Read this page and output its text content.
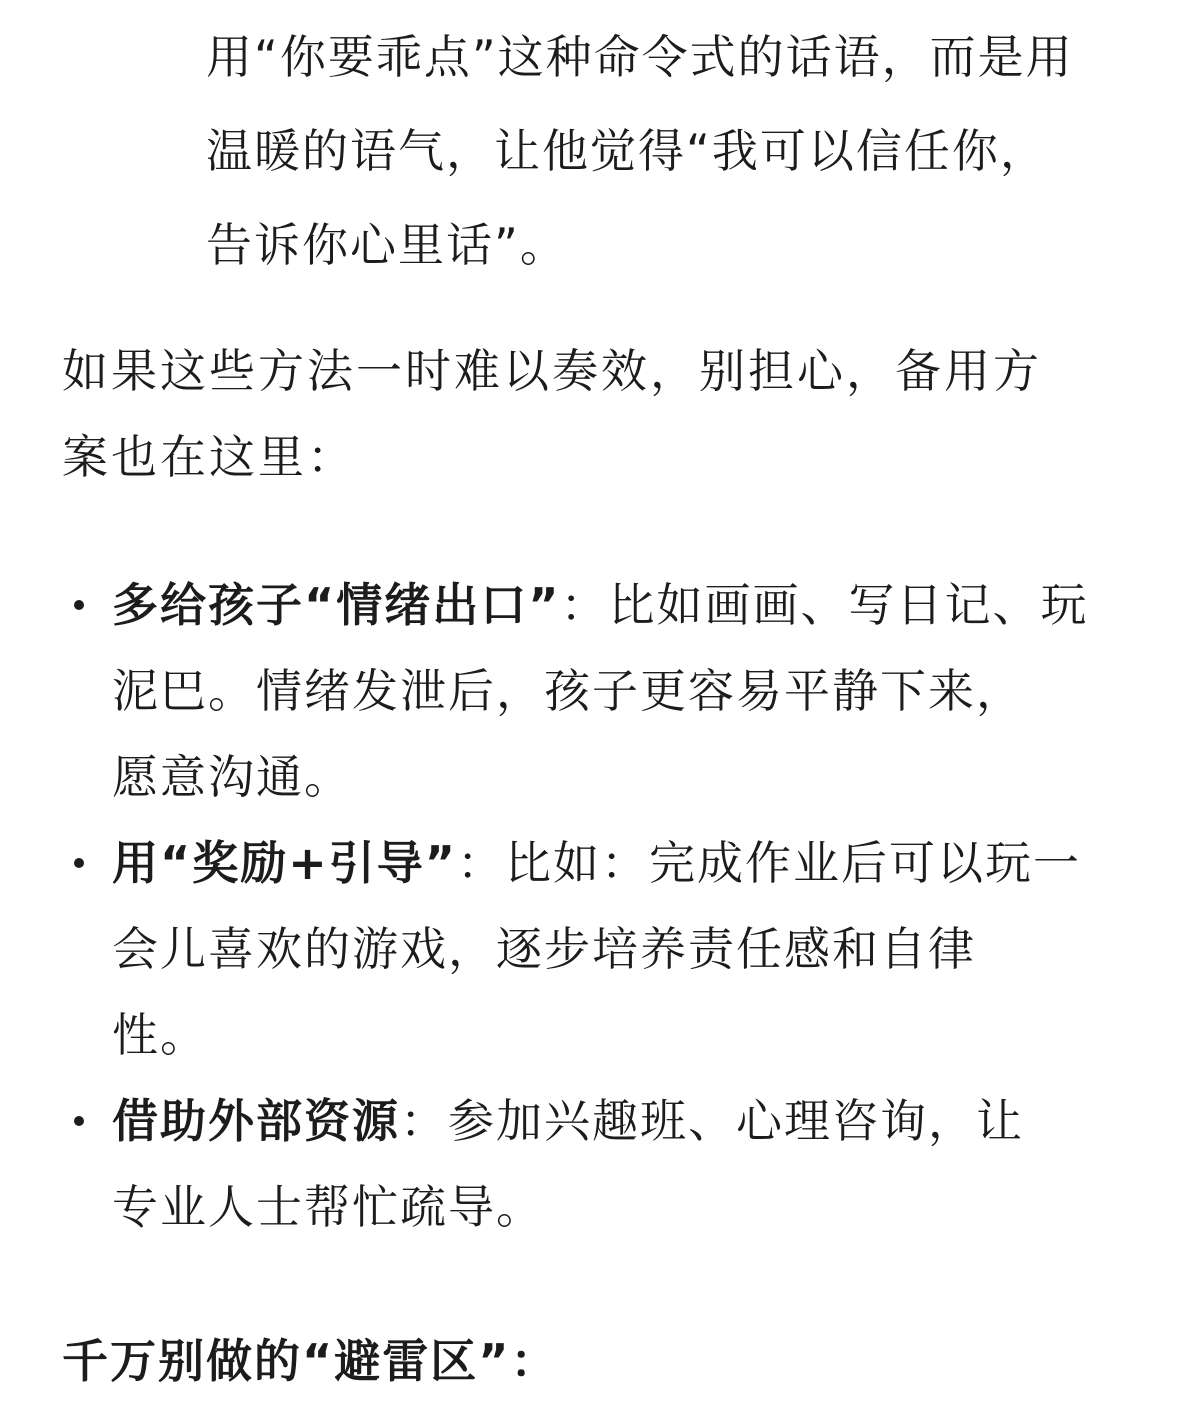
用“你要乖点”这种命令式的话语，而是用
温暖的语气，让他觉得“我可以信任你，
告诉你心里话”。
如果这些方法一时难以奏效，别担心，备用方
案也在这里：
多给孩子“情绪出口”：比如画画、写日记、玩
泥巴。情绪发泄后，孩子更容易平静下来，
愿意沟通。
用“奖励+引导”：比如：完成作业后可以玩一
会儿喜欢的游戏，逐步培养责任感和自律
性。
借助外部资源：参加兴趣班、心理咨询，让
专业人士帮忙疏导。
千万别做的“避雷区”：
